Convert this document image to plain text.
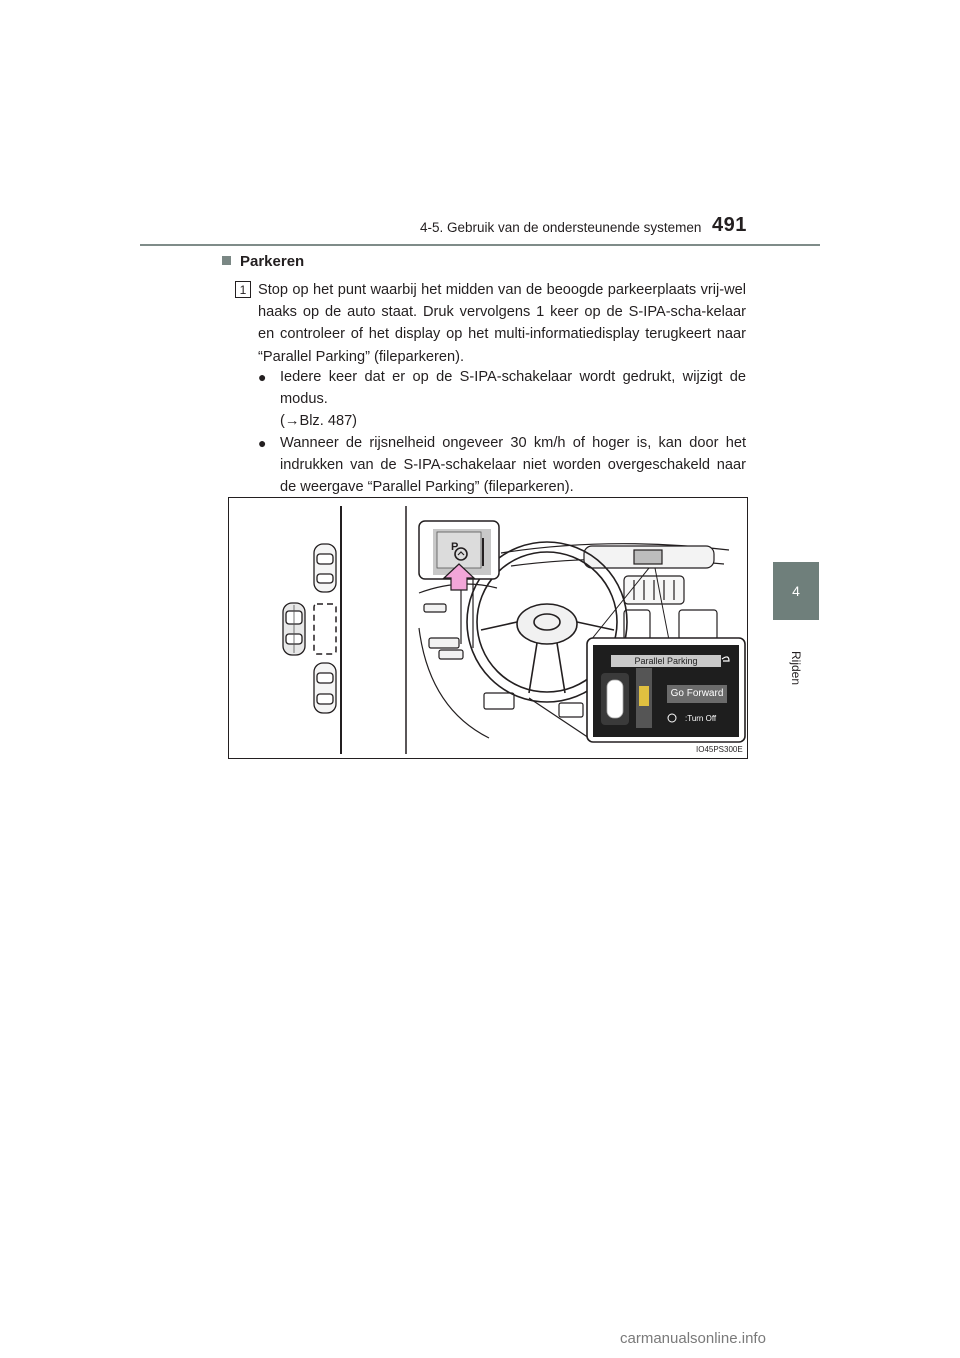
4-5. Gebruik van de ondersteunende systemen 491
4
Rijden
Parkeren
1 Stop op het punt waarbij het midden van de beoogde parkeerplaats vrij-wel haaks op de auto staat. Druk vervolgens 1 keer op de S-IPA-scha-kelaar en controleer of het display op het multi-informatiedisplay terugkeert naar “Parallel Parking” (fileparkeren).

● Iedere keer dat er op de S-IPA-schakelaar wordt gedrukt, wijzigt de modus.
(→Blz. 487)
● Wanneer de rijsnelheid ongeveer 30 km/h of hoger is, kan door het indrukken van de S-IPA-schakelaar niet worden overgeschakeld naar de weergave “Parallel Parking” (fileparkeren).
P
Parallel Parking
Go Forward
:Turn Off
IO45PS300E
carmanualsonline.info
